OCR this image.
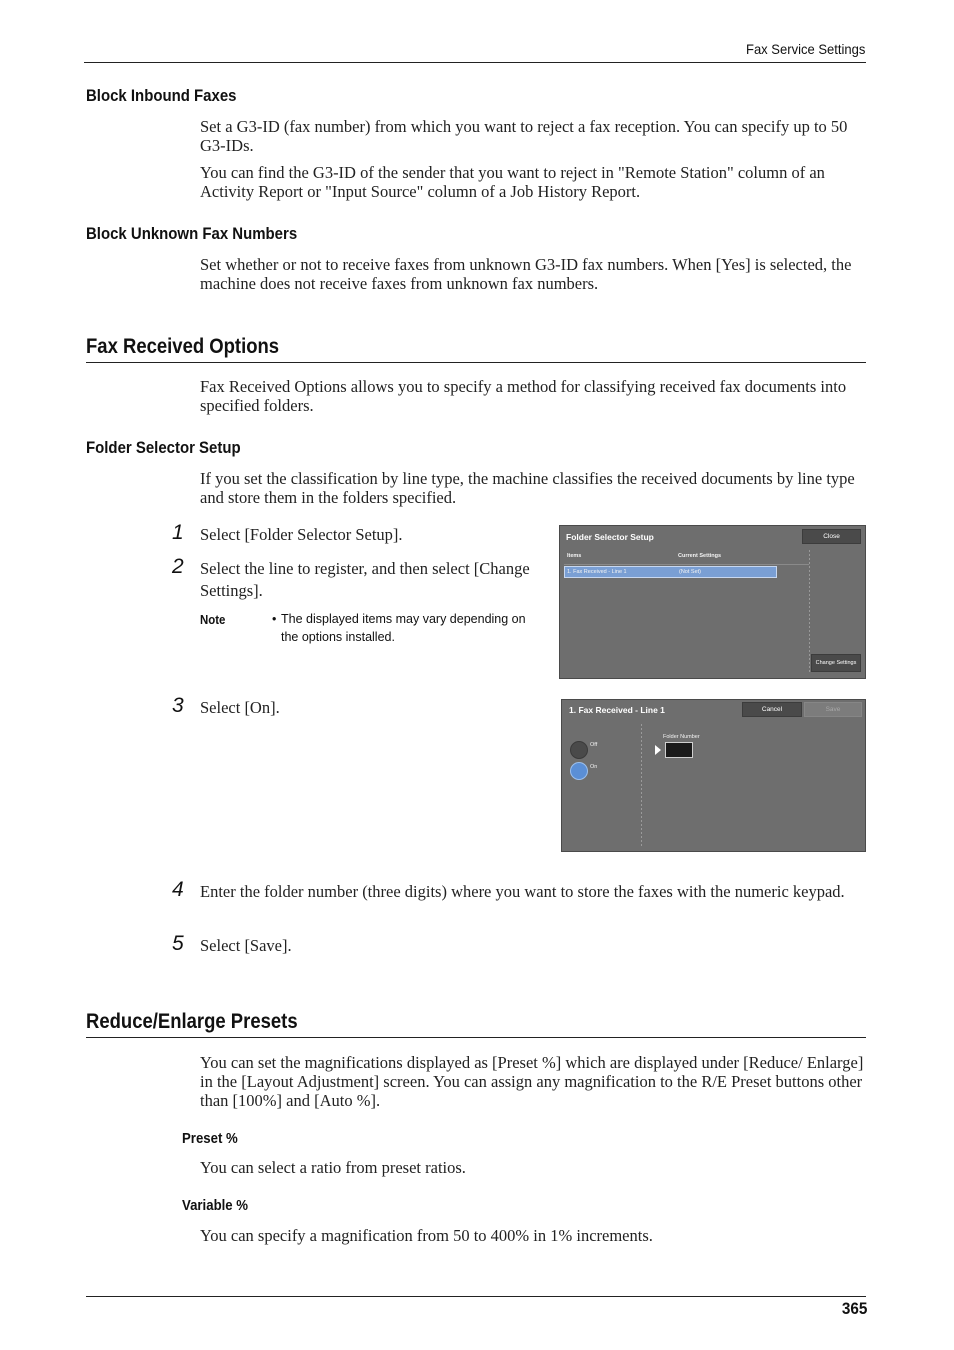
Fax Service Settings
Block Inbound Faxes

Set a G3-ID (fax number) from which you want to reject a fax reception. You can specify up to 50 G3-IDs.

You can find the G3-ID of the sender that you want to reject in "Remote Station" column of an Activity Report or "Input Source" column of a Job History Report.

Block Unknown Fax Numbers

Set whether or not to receive faxes from unknown G3-ID fax numbers. When [Yes] is selected, the machine does not receive faxes from unknown fax numbers.

Fax Received Options

Fax Received Options allows you to specify a method for classifying received fax documents into specified folders.

Folder Selector Setup

If you set the classification by line type, the machine classifies the received documents by line type and store them in the folders specified.

1 Select [Folder Selector Setup].
2 Select the line to register, and then select [Change Settings].
Note	• The displayed items may vary depending on the options installed.
Folder Selector Setup	Close
Items	Current Settings
1. Fax Received - Line 1	(Not Set)
Change Settings
3 Select [On].	1. Fax Received - Line 1	Cancel	Save
Off
On
Folder Number
4 Enter the folder number (three digits) where you want to store the faxes with the numeric keypad.
5 Select [Save].
Reduce/Enlarge Presets

You can set the magnifications displayed as [Preset %] which are displayed under [Reduce/ Enlarge] in the [Layout Adjustment] screen. You can assign any magnification to the R/E Preset buttons other than [100%] and [Auto %].

Preset %

You can select a ratio from preset ratios.

Variable %

You can specify a magnification from 50 to 400% in 1% increments.

365
